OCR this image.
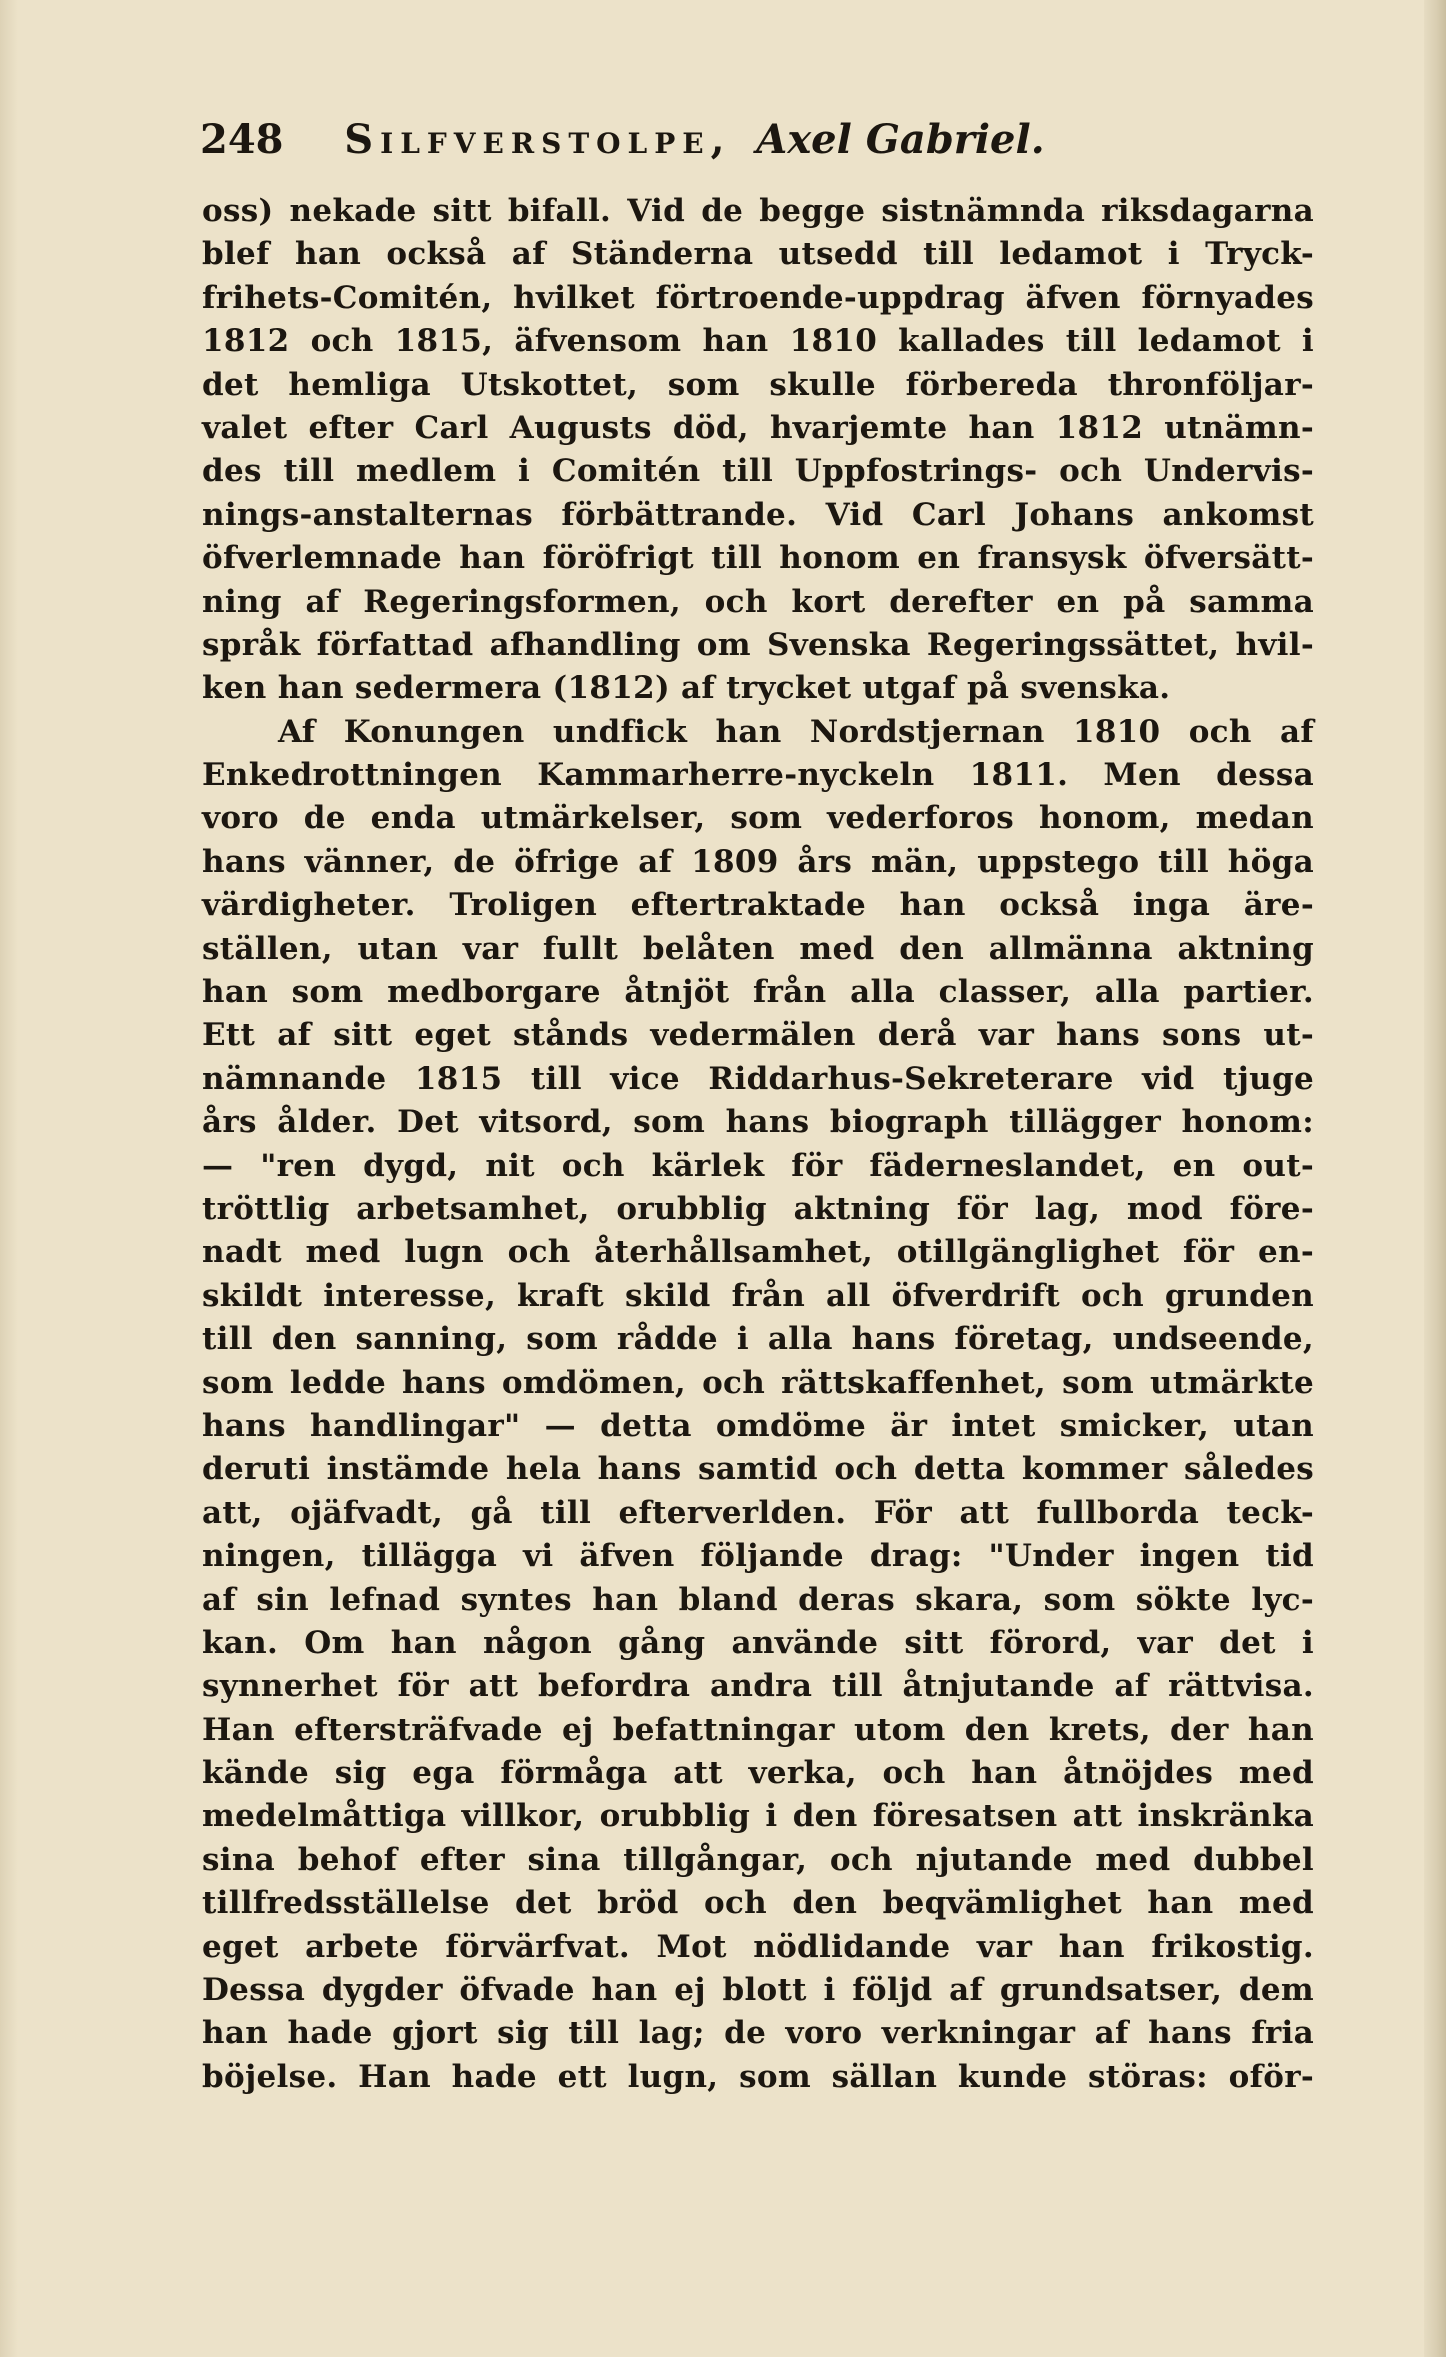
248 Silfverstolpe, Axel Gabriel.
oss) nekade sitt bifall. Vid de begge sistnämnda riksdagarna
blef han också af Ständerna utsedd till ledamot i Tryck-
frihets-Comitén, hvilket förtroende-uppdrag äfven förnyades
1812 och 1815, äfvensom han 1810 kallades till ledamot i
det hemliga Utskottet, som skulle förbereda thronföljar-
valet efter Carl Augusts död, hvarjemte han 1812 utnämn-
des till medlem i Comitén till Uppfostrings- och Undervis-
nings-anstalternas förbättrande. Vid Carl Johans ankomst
öfverlemnade han föröfrigt till honom en fransysk öfversätt-
ning af Regeringsformen, och kort derefter en på samma
språk författad afhandling om Svenska Regeringssättet, hvil-
ken han sedermera (1812) af trycket utgaf på svenska.
Af Konungen undfick han Nordstjernan 1810 och af
Enkedrottningen Kammarherre-nyckeln 1811. Men dessa
voro de enda utmärkelser, som vederforos honom, medan
hans vänner, de öfrige af 1809 års män, uppstego till höga
värdigheter. Troligen eftertraktade han också inga äre-
ställen, utan var fullt belåten med den allmänna aktning
han som medborgare åtnjöt från alla classer, alla partier.
Ett af sitt eget stånds vedermälen derå var hans sons ut-
nämnande 1815 till vice Riddarhus-Sekreterare vid tjuge
års ålder. Det vitsord, som hans biograph tillägger honom:
— "ren dygd, nit och kärlek för fäderneslandet, en out-
tröttlig arbetsamhet, orubblig aktning för lag, mod före-
nadt med lugn och återhållsamhet, otillgänglighet för en-
skildt interesse, kraft skild från all öfverdrift och grunden
till den sanning, som rådde i alla hans företag, undseende,
som ledde hans omdömen, och rättskaffenhet, som utmärkte
hans handlingar" — detta omdöme är intet smicker, utan
deruti instämde hela hans samtid och detta kommer således
att, ojäfvadt, gå till efterverlden. För att fullborda teck-
ningen, tillägga vi äfven följande drag: "Under ingen tid
af sin lefnad syntes han bland deras skara, som sökte lyc-
kan. Om han någon gång använde sitt förord, var det i
synnerhet för att befordra andra till åtnjutande af rättvisa.
Han eftersträfvade ej befattningar utom den krets, der han
kände sig ega förmåga att verka, och han åtnöjdes med
medelmåttiga villkor, orubblig i den föresatsen att inskränka
sina behof efter sina tillgångar, och njutande med dubbel
tillfredsställelse det bröd och den beqvämlighet han med
eget arbete förvärfvat. Mot nödlidande var han frikostig.
Dessa dygder öfvade han ej blott i följd af grundsatser, dem
han hade gjort sig till lag; de voro verkningar af hans fria
böjelse. Han hade ett lugn, som sällan kunde störas: oför-
